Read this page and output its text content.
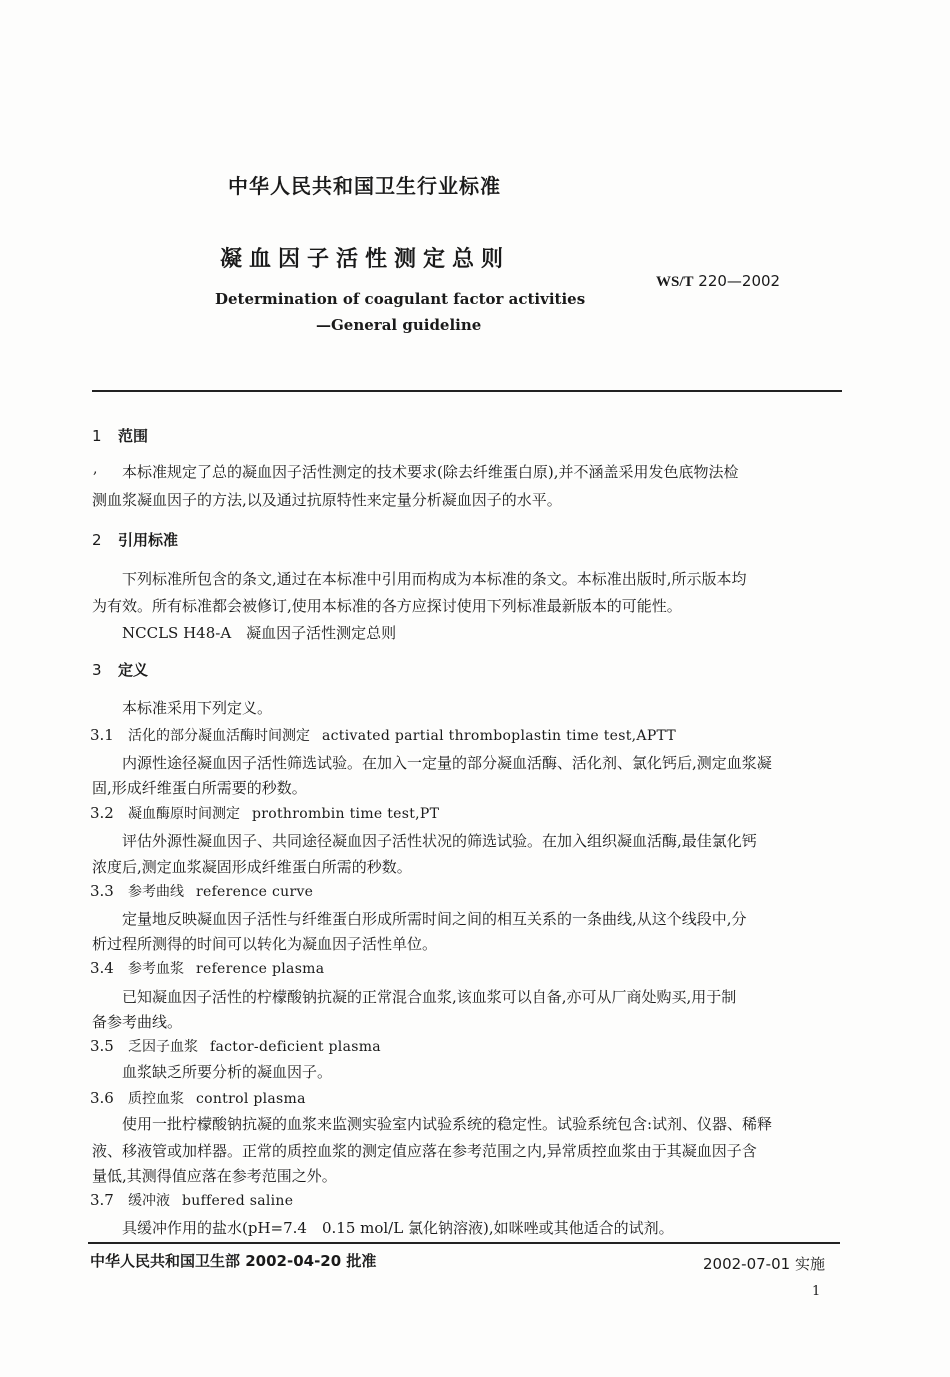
中华人民共和国卫生行业标准
凝血因子活性测定总则
WS/T 220—2002
Determination of coagulant factor activities
—General guideline
1 范围
, 本标准规定了总的凝血因子活性测定的技术要求(除去纤维蛋白原),并不涵盖采用发色底物法检
测血浆凝血因子的方法,以及通过抗原特性来定量分析凝血因子的水平。
2 引用标准
下列标准所包含的条文,通过在本标准中引用而构成为本标准的条文。本标准出版时,所示版本均
为有效。所有标准都会被修订,使用本标准的各方应探讨使用下列标准最新版本的可能性。
NCCLS H48-A　凝血因子活性测定总则
3 定义
本标准采用下列定义。
3.1 活化的部分凝血活酶时间测定 activated partial thromboplastin time test,APTT
内源性途径凝血因子活性筛选试验。在加入一定量的部分凝血活酶、活化剂、氯化钙后,测定血浆凝
固,形成纤维蛋白所需要的秒数。
3.2 凝血酶原时间测定 prothrombin time test,PT
评估外源性凝血因子、共同途径凝血因子活性状况的筛选试验。在加入组织凝血活酶,最佳氯化钙
浓度后,测定血浆凝固形成纤维蛋白所需的秒数。
3.3 参考曲线 reference curve
定量地反映凝血因子活性与纤维蛋白形成所需时间之间的相互关系的一条曲线,从这个线段中,分
析过程所测得的时间可以转化为凝血因子活性单位。
3.4 参考血浆 reference plasma
已知凝血因子活性的柠檬酸钠抗凝的正常混合血浆,该血浆可以自备,亦可从厂商处购买,用于制
备参考曲线。
3.5 乏因子血浆 factor-deficient plasma
血浆缺乏所要分析的凝血因子。
3.6 质控血浆 control plasma
使用一批柠檬酸钠抗凝的血浆来监测实验室内试验系统的稳定性。试验系统包含:试剂、仪器、稀释
液、移液管或加样器。正常的质控血浆的测定值应落在参考范围之内,异常质控血浆由于其凝血因子含
量低,其测得值应落在参考范围之外。
3.7 缓冲液 buffered saline
具缓冲作用的盐水(pH=7.4　0.15 mol/L 氯化钠溶液),如咪唑或其他适合的试剂。
中华人民共和国卫生部 2002-04-20 批准	2002-07-01 实施
1
